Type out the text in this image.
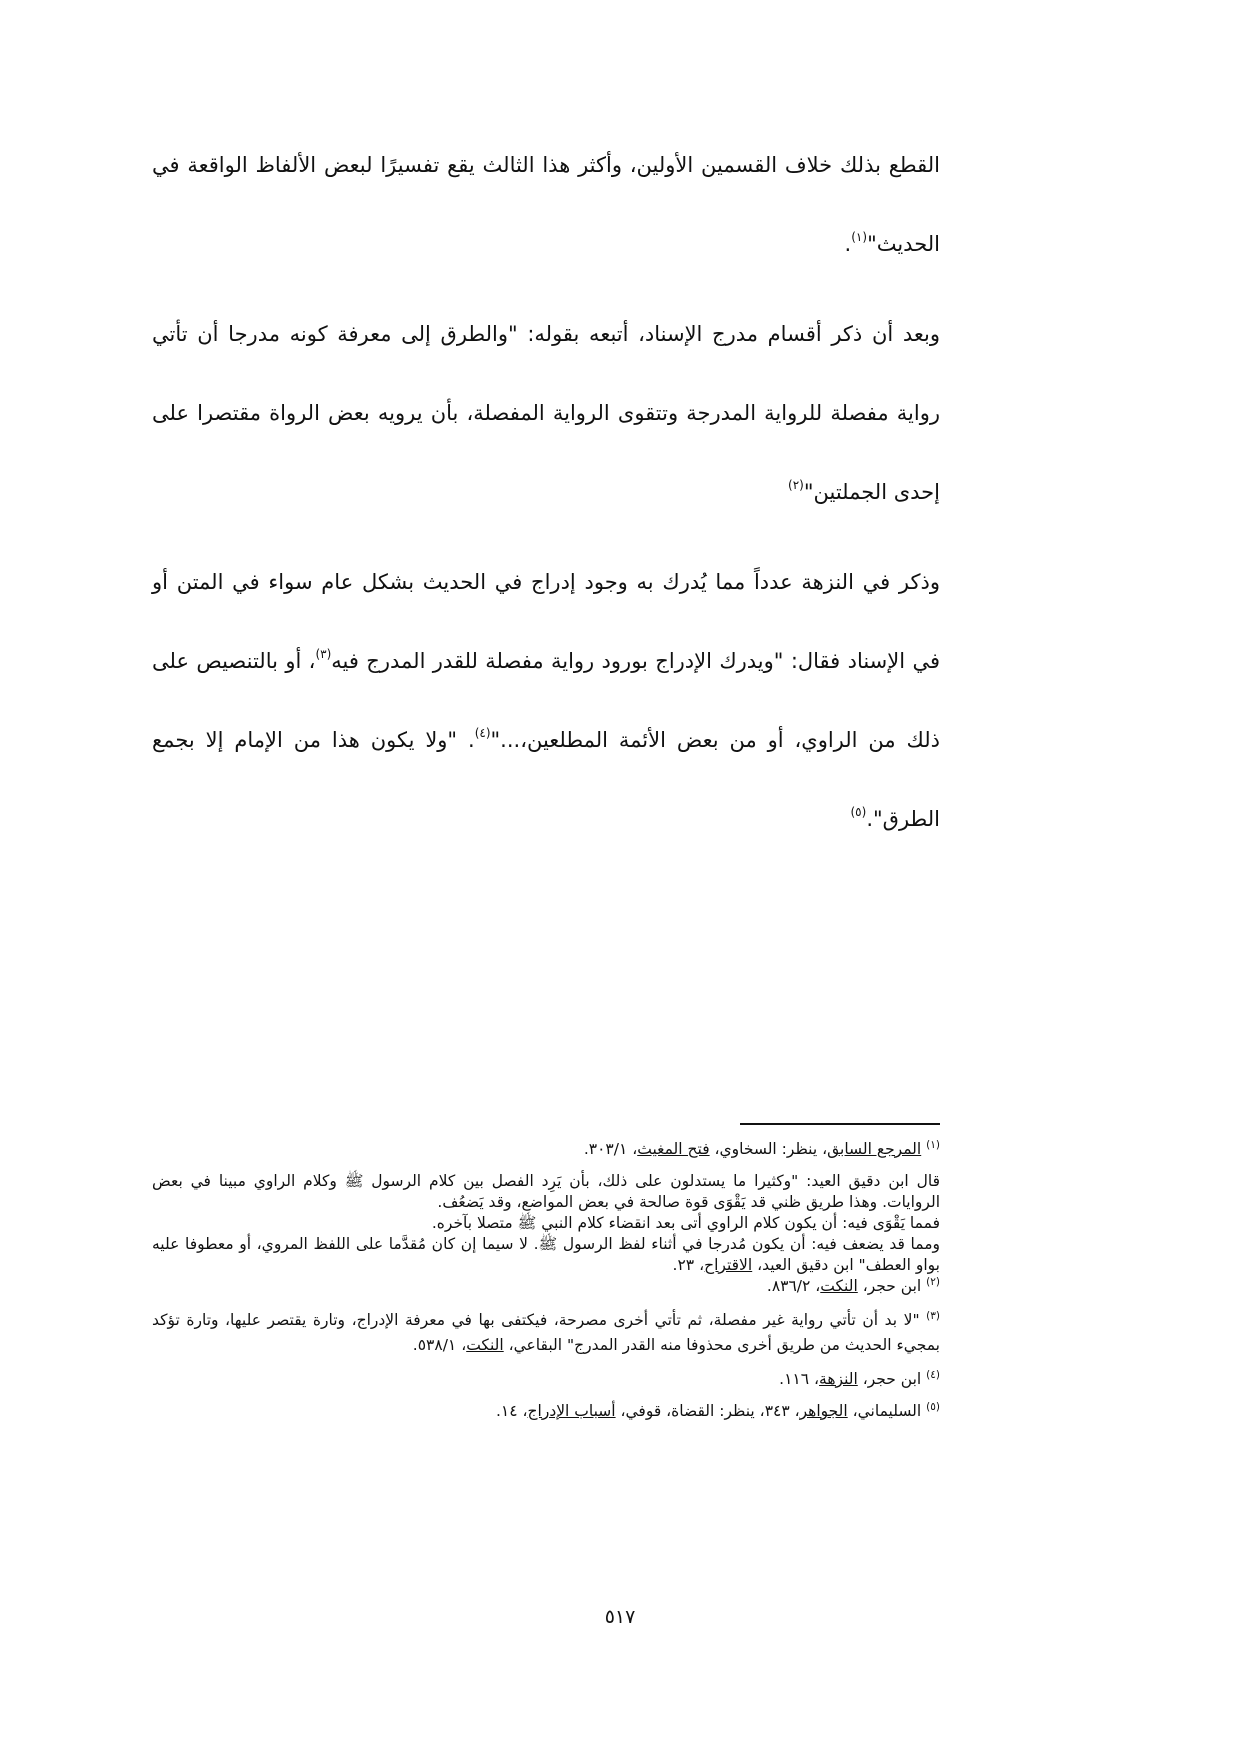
القطع بذلك خلاف القسمين الأولين، وأكثر هذا الثالث يقع تفسيرًا لبعض الألفاظ الواقعة في الحديث"$^{(١)}$.

وبعد أن ذكر أقسام مدرج الإسناد، أتبعه بقوله: "والطرق إلى معرفة كونه مدرجا أن تأتي رواية مفصلة للرواية المدرجة وتتقوى الرواية المفصلة، بأن يرويه بعض الرواة مقتصرا على إحدى الجملتين"$^{(٢)}$

وذكر في النزهة عدداً مما يُدرك به وجود إدراج في الحديث بشكل عام سواء في المتن أو في الإسناد فقال: "ويدرك الإدراج بورود رواية مفصلة للقدر المدرج فيه$^{(٣)}$، أو بالتنصيص على ذلك من الراوي، أو من بعض الأئمة المطلعين،..."$^{(٤)}$. "ولا يكون هذا من الإمام إلا بجمع الطرق".$^{(٥)}$

$^{(١)}$ المرجع السابق، ينظر: السخاوي، فتح المغيث، ٣٠٣/١.

قال ابن دقيق العيد: "وكثيرا ما يستدلون على ذلك، بأن يَرِد الفصل بين كلام الرسول ﷺ وكلام الراوي مبينا في بعض الروايات. وهذا طريق ظني قد يَقْوَى قوة صالحة في بعض المواضع، وقد يَضعُف.

فمما يَقْوَى فيه: أن يكون كلام الراوي أتى بعد انقضاء كلام النبي ﷺ متصلا بآخره.

ومما قد يضعف فيه: أن يكون مُدرجا في أثناء لفظ الرسول ﷺ. لا سيما إن كان مُقدَّما على اللفظ المروي، أو معطوفا عليه بواو العطف" ابن دقيق العيد، الاقتراح، ٢٣.

$^{(٢)}$ ابن حجر، النكت، ٨٣٦/٢.

$^{(٣)}$ "لا بد أن تأتي رواية غير مفصلة، ثم تأتي أخرى مصرحة، فيكتفى بها في معرفة الإدراج، وتارة يقتصر عليها، وتارة تؤكد بمجيء الحديث من طريق أخرى محذوفا منه القدر المدرج" البقاعي، النكت، ٥٣٨/١.

$^{(٤)}$ ابن حجر، النزهة، ١١٦.

$^{(٥)}$ السليماني، الجواهر، ٣٤٣، ينظر: القضاة، قوفي، أسباب الإدراج، ١٤.

٥١٧
